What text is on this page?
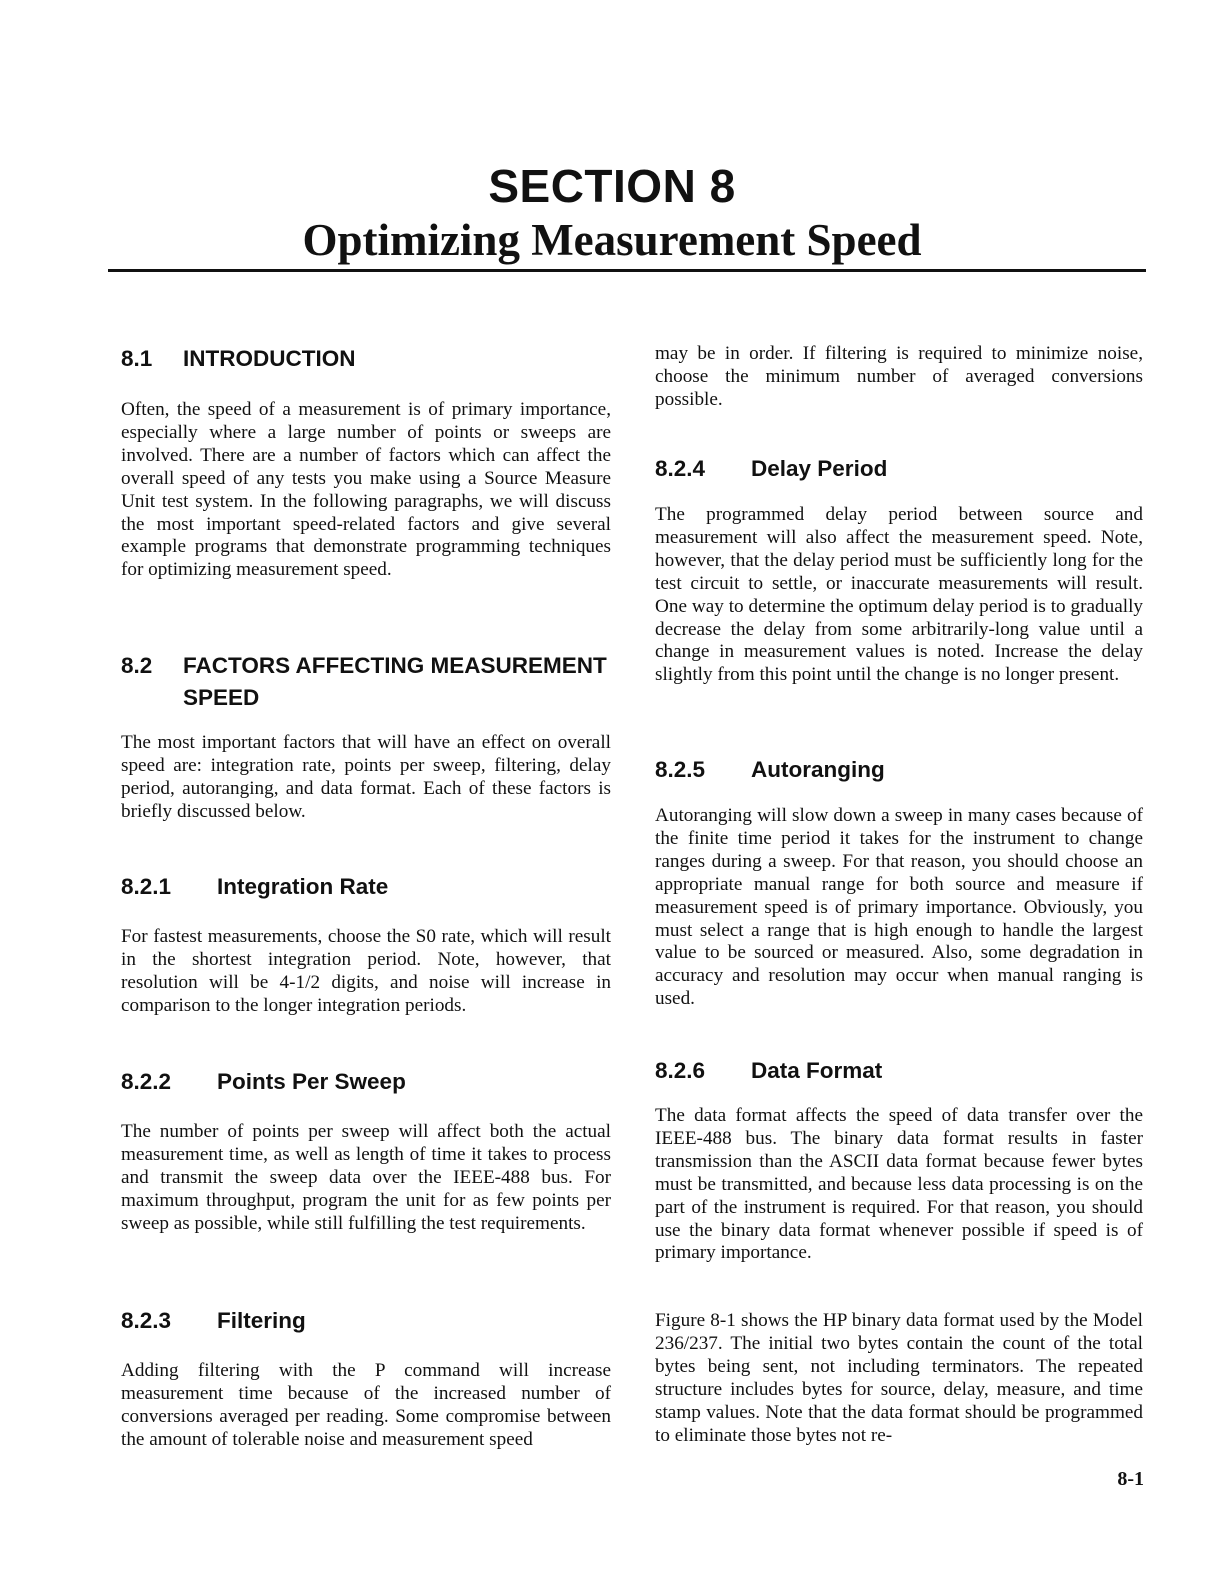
SECTION 8
Optimizing Measurement Speed
8.1	INTRODUCTION
Often, the speed of a measurement is of primary importance, especially where a large number of points or sweeps are involved. There are a number of factors which can affect the overall speed of any tests you make using a Source Measure Unit test system. In the following paragraphs, we will discuss the most important speed-related factors and give several example programs that demonstrate programming techniques for optimizing measurement speed.
8.2	FACTORS AFFECTING MEASUREMENT SPEED
The most important factors that will have an effect on overall speed are: integration rate, points per sweep, filtering, delay period, autoranging, and data format. Each of these factors is briefly discussed below.
8.2.1	Integration Rate
For fastest measurements, choose the S0 rate, which will result in the shortest integration period. Note, however, that resolution will be 4-1/2 digits, and noise will increase in comparison to the longer integration periods.
8.2.2	Points Per Sweep
The number of points per sweep will affect both the actual measurement time, as well as length of time it takes to process and transmit the sweep data over the IEEE-488 bus. For maximum throughput, program the unit for as few points per sweep as possible, while still fulfilling the test requirements.
8.2.3	Filtering
Adding filtering with the P command will increase measurement time because of the increased number of conversions averaged per reading. Some compromise between the amount of tolerable noise and measurement speed
may be in order. If filtering is required to minimize noise, choose the minimum number of averaged conversions possible.
8.2.4	Delay Period
The programmed delay period between source and measurement will also affect the measurement speed. Note, however, that the delay period must be sufficiently long for the test circuit to settle, or inaccurate measurements will result. One way to determine the optimum delay period is to gradually decrease the delay from some arbitrarily-long value until a change in measurement values is noted. Increase the delay slightly from this point until the change is no longer present.
8.2.5	Autoranging
Autoranging will slow down a sweep in many cases because of the finite time period it takes for the instrument to change ranges during a sweep. For that reason, you should choose an appropriate manual range for both source and measure if measurement speed is of primary importance. Obviously, you must select a range that is high enough to handle the largest value to be sourced or measured. Also, some degradation in accuracy and resolution may occur when manual ranging is used.
8.2.6	Data Format
The data format affects the speed of data transfer over the IEEE-488 bus. The binary data format results in faster transmission than the ASCII data format because fewer bytes must be transmitted, and because less data processing is on the part of the instrument is required. For that reason, you should use the binary data format whenever possible if speed is of primary importance.
Figure 8-1 shows the HP binary data format used by the Model 236/237. The initial two bytes contain the count of the total bytes being sent, not including terminators. The repeated structure includes bytes for source, delay, measure, and time stamp values. Note that the data format should be programmed to eliminate those bytes not re-
8-1
